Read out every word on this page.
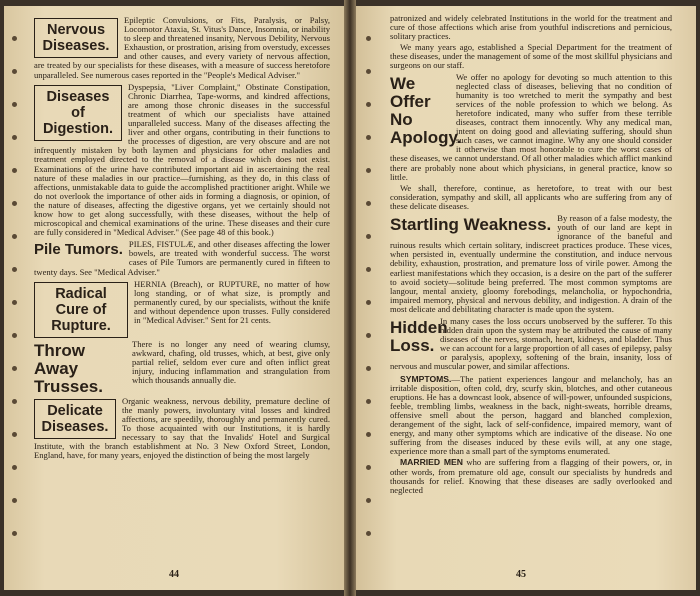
Nervous Diseases.

Epileptic Convulsions, or Fits, Paralysis, or Palsy, Locomotor Ataxia, St. Vitus's Dance, Insomnia, or inability to sleep and threatened insanity, Nervous Debility, Nervous Exhaustion, or prostration, arising from overstudy, excesses and other causes, and every variety of nervous affection, are treated by our specialists for these diseases, with a measure of success heretofore unparalleled. See numerous cases reported in the "People's Medical Adviser."

Diseases of Digestion.

Dyspepsia, "Liver Complaint," Obstinate Constipation, Chronic Diarrhea, Tape-worms, and kindred affections, are among those chronic diseases in the successful treatment of which our specialists have attained unparalleled success. Many of the diseases affecting the liver and other organs, contributing in their functions to the processes of digestion, are very obscure and are not infrequently mistaken by both laymen and physicians for other maladies and treatment employed directed to the removal of a disease which does not exist. Examinations of the urine have contributed important aid in ascertaining the real nature of these maladies in our practice—furnishing, as they do, in this class of affections, unmistakable data to guide the accomplished practitioner aright. While we do not overlook the importance of other aids in forming a diagnosis, or opinion, of the nature of diseases, affecting the digestive organs, yet we certainly should not know how to get along successfully, with these diseases, without the help of microscopical and chemical examinations of the urine. These diseases and their cure are fully considered in "Medical Adviser." (See page 48 of this book.)

Pile Tumors. PILES, FISTULÆ, and other diseases affecting the lower bowels, are treated with wonderful success. The worst cases of Pile Tumors are permanently cured in fifteen to twenty days. See "Medical Adviser."

Radical Cure of Rupture.

HERNIA (Breach), or RUPTURE, no matter of how long standing, or of what size, is promptly and permanently cured, by our specialists, without the knife and without dependence upon trusses. Fully considered in "Medical Adviser." Sent for 21 cents.

Throw Away Trusses.

There is no longer any need of wearing clumsy, awkward, chafing, old trusses, which, at best, give only partial relief, seldom ever cure and often inflict great injury, inducing inflammation and strangulation from which thousands annually die.

Delicate Diseases.

Organic weakness, nervous debility, premature decline of the manly powers, involuntary vital losses and kindred affections, are speedily, thoroughly and permanently cured. To those acquainted with our Institutions, it is hardly necessary to say that the Invalids' Hotel and Surgical Institute, with the branch establishment at No. 3 New Oxford Street, London, England, have, for many years, enjoyed the distinction of being the most largely

44

patronized and widely celebrated Institutions in the world for the treatment and cure of those affections which arise from youthful indiscretions and pernicious, solitary practices.

We many years ago, established a Special Department for the treatment of these diseases, under the management of some of the most skillful physicians and surgeons on our staff.

We Offer No Apology.

We offer no apology for devoting so much attention to this neglected class of diseases, believing that no condition of humanity is too wretched to merit the sympathy and best services of the noble profession to which we belong. As heretofore indicated, many who suffer from these terrible diseases, contract them innocently. Why any medical man, intent on doing good and alleviating suffering, should shun such cases, we cannot imagine. Why any one should consider it otherwise than most honorable to cure the worst cases of these diseases, we cannot understand. Of all other maladies which afflict mankind there are probably none about which physicians, in general practice, know so little.

We shall, therefore, continue, as heretofore, to treat with our best consideration, sympathy and skill, all applicants who are suffering from any of these delicate diseases.

Startling Weakness. By reason of a false modesty, the youth of our land are kept in ignorance of the baneful and ruinous results which certain solitary, indiscreet practices produce. These vices, when persisted in, eventually undermine the constitution, and induce nervous debility, exhaustion, prostration, and premature loss of virile power. Among the earliest manifestations which they occasion, is a desire on the part of the sufferer to avoid society—solitude being preferred. The most common symptoms are langour, mental anxiety, gloomy forebodings, melancholia, or hypochondria, impaired memory, physical and nervous debility, and indigestion. A drain of the most delicate and debilitating character is made upon the system.

Hidden Loss.

In many cases the loss occurs unobserved by the sufferer. To this hidden drain upon the system may be attributed the cause of many diseases of the nerves, stomach, heart, kidneys, and bladder. Thus we can account for a large proportion of all cases of epilepsy, palsy or paralysis, apoplexy, softening of the brain, insanity, loss of nervous and muscular power, and similar affections.

SYMPTOMS.—The patient experiences langour and melancholy, has an irritable disposition, often cold, dry, scurfy skin, blotches, and other cutaneous eruptions. He has a downcast look, absence of will-power, unfounded suspicions, feeble, trembling limbs, weakness in the back, night-sweats, horrible dreams, offensive smell about the person, haggard and blanched complexion, derangement of the sight, lack of self-confidence, impaired memory, want of energy, and many other symptoms which are indicative of the disease. No one suffering from the diseases induced by these evils will, at any one stage, experience more than a small part of the symptoms enumerated.

MARRIED MEN who are suffering from a flagging of their powers, or, in other words, from premature old age, consult our specialists by hundreds and thousands for relief. Knowing that these diseases are sadly overlooked and neglected

45
